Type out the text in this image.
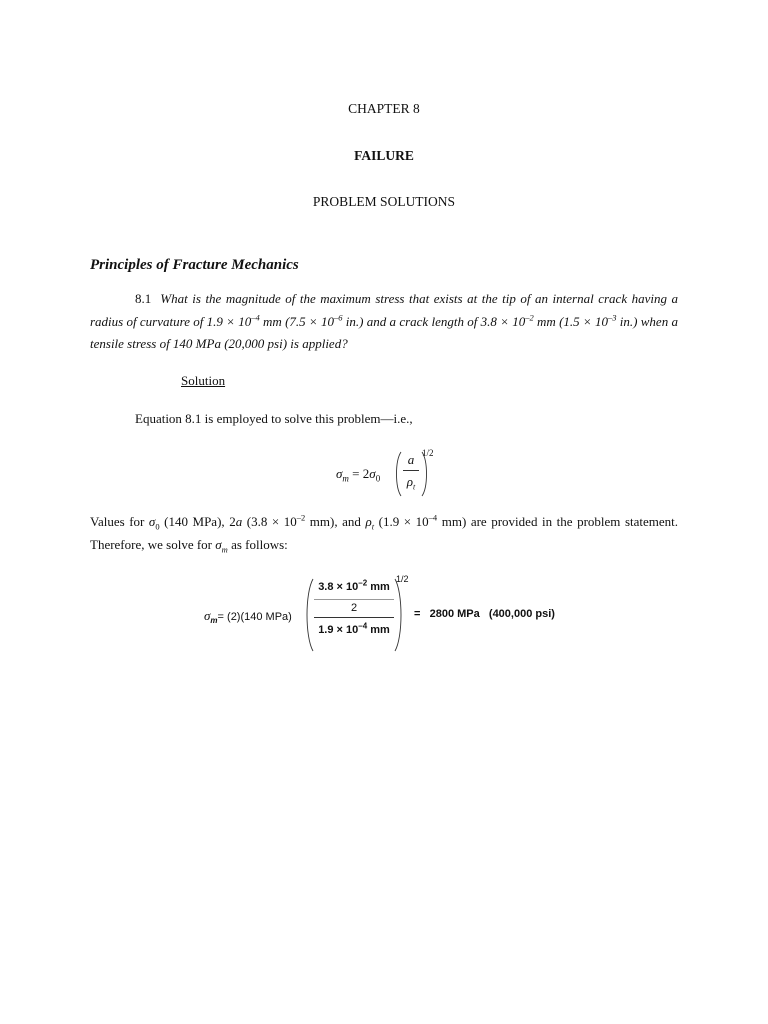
CHAPTER 8
FAILURE
PROBLEM SOLUTIONS
Principles of Fracture Mechanics
8.1 What is the magnitude of the maximum stress that exists at the tip of an internal crack having a radius of curvature of $1.9 \times 10^{-4}$ mm ($7.5 \times 10^{-6}$ in.) and a crack length of $3.8 \times 10^{-2}$ mm ($1.5 \times 10^{-3}$ in.) when a tensile stress of 140 MPa (20,000 psi) is applied?
Solution
Equation 8.1 is employed to solve this problem—i.e.,
$\sigma_m = 2\sigma_0$
a
$\rho_t$
1/2
Values for $\sigma_0$ (140 MPa), 2a ($3.8 \times 10^{-2}$ mm), and $\rho_t$ ($1.9 \times 10^{-4}$ mm) are provided in the problem statement. Therefore, we solve for $\sigma_m$ as follows:
$\sigma_m= (2)(140$ MPa)
$3.8 \times 10^{-2}$ mm
2
$1.9 \times 10^{-4}$ mm
1/2
=   2800 MPa   (400,000 psi)
